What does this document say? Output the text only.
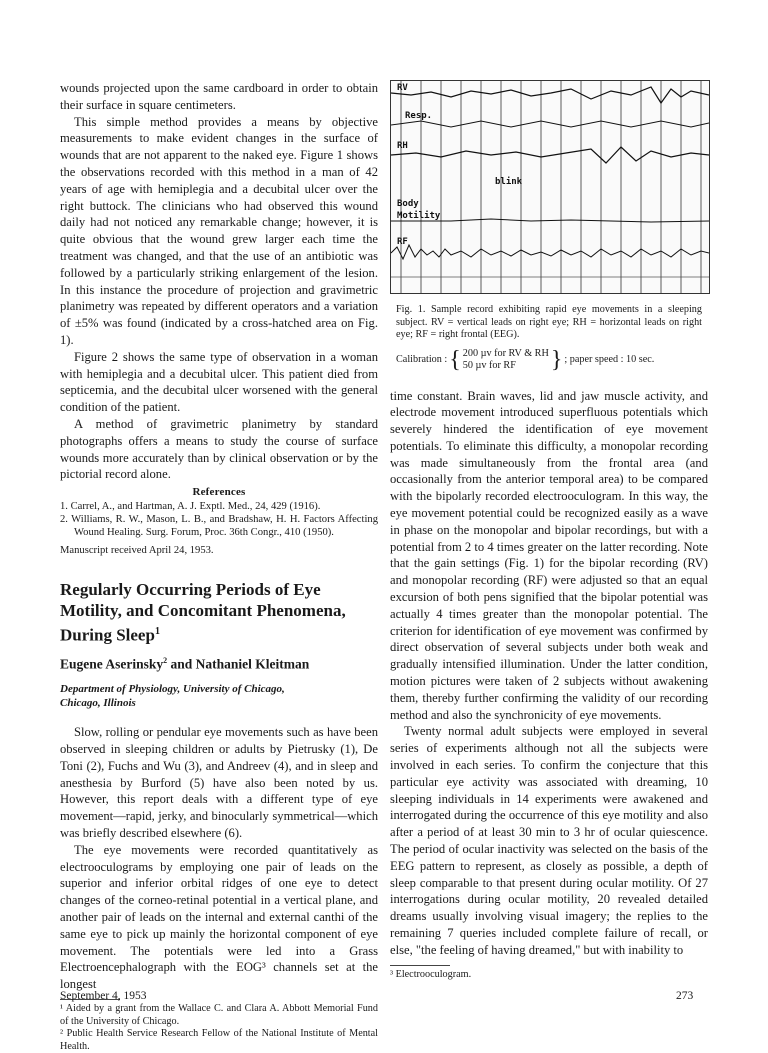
wounds projected upon the same cardboard in order to obtain their surface in square centimeters.

This simple method provides a means by objective measurements to make evident changes in the surface of wounds that are not apparent to the naked eye. Figure 1 shows the observations recorded with this method in a man of 42 years of age with hemiplegia and a decubital ulcer over the right buttock. The clinicians who had observed this wound daily had not noticed any remarkable change; however, it is quite obvious that the wound grew larger each time the treatment was changed, and that the use of an antibiotic was followed by a particularly striking enlargement of the lesion. In this instance the procedure of projection and gravimetric planimetry was repeated by different operators and a variation of ±5% was found (indicated by a cross-hatched area on Fig. 1).

Figure 2 shows the same type of observation in a woman with hemiplegia and a decubital ulcer. This patient died from septicemia, and the decubital ulcer worsened with the general condition of the patient.

A method of gravimetric planimetry by standard photographs offers a means to study the course of surface wounds more accurately than by clinical observation or by the pictorial record alone.

References

1. Carrel, A., and Hartman, A. J. Exptl. Med., 24, 429 (1916).

2. Williams, R. W., Mason, L. B., and Bradshaw, H. H. Factors Affecting Wound Healing. Surg. Forum, Proc. 36th Congr., 410 (1950).

Manuscript received April 24, 1953.

Regularly Occurring Periods of Eye Motility, and Concomitant Phenomena, During Sleep$^1$
Eugene Aserinsky$^2$ and Nathaniel Kleitman
Department of Physiology, University of Chicago,
Chicago, Illinois

Slow, rolling or pendular eye movements such as have been observed in sleeping children or adults by Pietrusky (1), De Toni (2), Fuchs and Wu (3), and Andreev (4), and in sleep and anesthesia by Burford (5) have also been noted by us. However, this report deals with a different type of eye movement—rapid, jerky, and binocularly symmetrical—which was briefly described elsewhere (6).

The eye movements were recorded quantitatively as electrooculograms by employing one pair of leads on the superior and inferior orbital ridges of one eye to detect changes of the corneo-retinal potential in a vertical plane, and another pair of leads on the internal and external canthi of the same eye to pick up mainly the horizontal component of eye movement. The potentials were led into a Grass Electroencephalograph with the EOG³ channels set at the longest

¹ Aided by a grant from the Wallace C. and Clara A. Abbott Memorial Fund of the University of Chicago.

² Public Health Service Research Fellow of the National Institute of Mental Health.

RV
Resp.
RH
blink
Body
Motility
RF

Fig. 1. Sample record exhibiting rapid eye movements in a sleeping subject. RV = vertical leads on right eye; RH = horizontal leads on right eye; RF = right frontal (EEG).

Calibration : { 200 µv for RV & RH
50 µv for RF	} ; paper speed : 10 sec.

time constant. Brain waves, lid and jaw muscle activity, and electrode movement introduced superfluous potentials which severely hindered the identification of eye movement potentials. To eliminate this difficulty, a monopolar recording was made simultaneously from the frontal area (and occasionally from the anterior temporal area) to be compared with the bipolarly recorded electrooculogram. In this way, the eye movement potential could be recognized easily as a wave in phase on the monopolar and bipolar recordings, but with a potential from 2 to 4 times greater on the latter recording. Note that the gain settings (Fig. 1) for the bipolar recording (RV) and monopolar recording (RF) were adjusted so that an equal excursion of both pens signified that the bipolar potential was actually 4 times greater than the monopolar potential. The criterion for identification of eye movement was confirmed by direct observation of several subjects under both weak and gradually intensified illumination. Under the latter condition, motion pictures were taken of 2 subjects without awakening them, thereby further confirming the validity of our recording method and also the synchronicity of eye movements.

Twenty normal adult subjects were employed in several series of experiments although not all the subjects were involved in each series. To confirm the conjecture that this particular eye activity was associated with dreaming, 10 sleeping individuals in 14 experiments were awakened and interrogated during the occurrence of this eye motility and also after a period of at least 30 min to 3 hr of ocular quiescence. The period of ocular inactivity was selected on the basis of the EEG pattern to represent, as closely as possible, a depth of sleep comparable to that present during ocular motility. Of 27 interrogations during ocular motility, 20 revealed detailed dreams usually involving visual imagery; the replies to the remaining 7 queries included complete failure of recall, or else, "the feeling of having dreamed," but with inability to

³ Electrooculogram.

September 4, 1953	273
